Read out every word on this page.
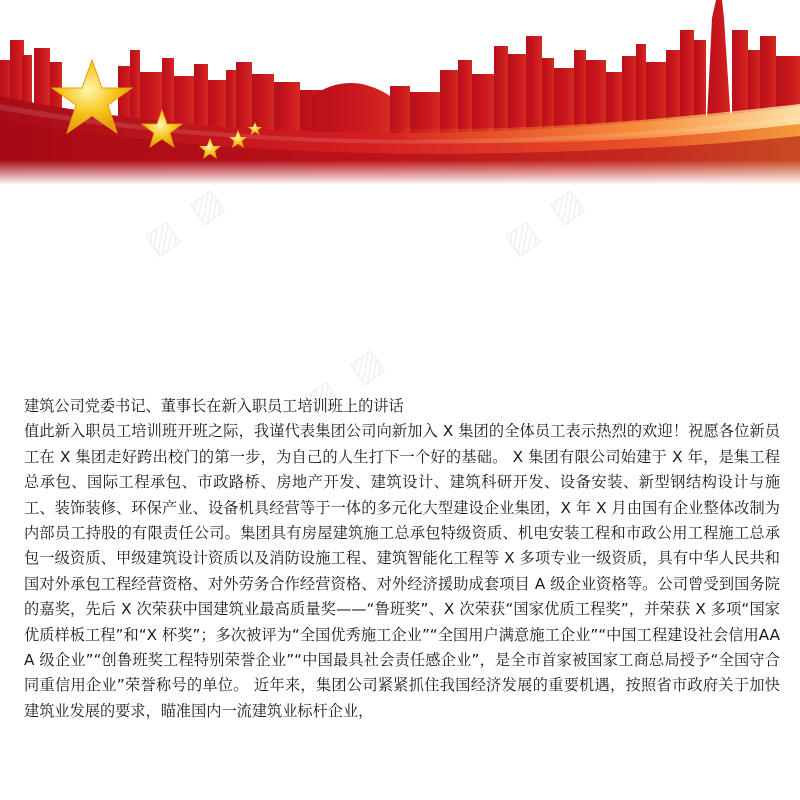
▨ ▨	▨ ▨
▨ ▨
建筑公司党委书记、董事长在新入职员工培训班上的讲话

值此新入职员工培训班开班之际，我谨代表集团公司向新加入 X 集团的全体员工表示热烈的欢迎！祝愿各位新员工在 X 集团走好跨出校门的第一步，为自己的人生打下一个好的基础。 X 集团有限公司始建于 X 年，是集工程总承包、国际工程承包、市政路桥、房地产开发、建筑设计、建筑科研开发、设备安装、新型钢结构设计与施工、装饰装修、环保产业、设备机具经营等于一体的多元化大型建设企业集团，X 年 X 月由国有企业整体改制为内部员工持股的有限责任公司。集团具有房屋建筑施工总承包特级资质、机电安装工程和市政公用工程施工总承包一级资质、甲级建筑设计资质以及消防设施工程、建筑智能化工程等 X 多项专业一级资质，具有中华人民共和国对外承包工程经营资格、对外劳务合作经营资格、对外经济援助成套项目 A 级企业资格等。公司曾受到国务院的嘉奖，先后 X 次荣获中国建筑业最高质量奖——“鲁班奖”、X 次荣获“国家优质工程奖”，并荣获 X 多项“国家优质样板工程”和“X 杯奖”；多次被评为“全国优秀施工企业”“全国用户满意施工企业”“中国工程建设社会信用AAA 级企业”“创鲁班奖工程特别荣誉企业”“中国最具社会责任感企业”，是全市首家被国家工商总局授予“全国守合同重信用企业”荣誉称号的单位。 近年来，集团公司紧紧抓住我国经济发展的重要机遇，按照省市政府关于加快建筑业发展的要求，瞄准国内一流建筑业标杆企业，
